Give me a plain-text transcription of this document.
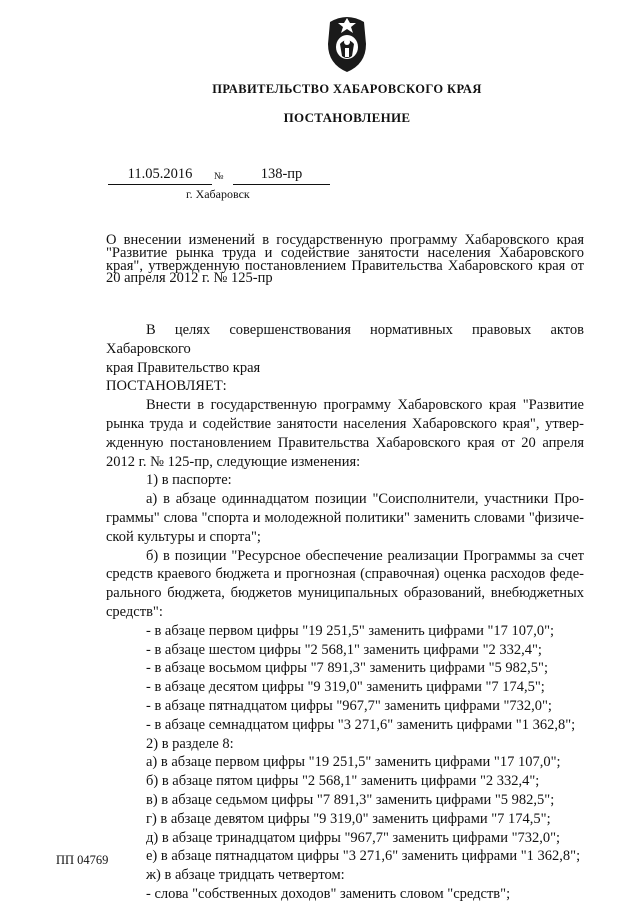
ПРАВИТЕЛЬСТВО ХАБАРОВСКОГО КРАЯ
ПОСТАНОВЛЕНИЕ
11.05.2016	№	138-пр
г. Хабаровск
О внесении изменений в государственную программу Хабаровского края "Развитие рынка труда и содействие занятости населения Хабаровского края", утвержденную постановлением Правительства Хабаровского края от 20 апреля 2012 г. № 125-пр

В целях совершенствования нормативных правовых актов Хабаровского

края Правительство края

ПОСТАНОВЛЯЕТ:

Внести в государственную программу Хабаровского края "Развитие рынка труда и содействие занятости населения Хабаровского края", утвержденную постановлением Правительства Хабаровского края от 20 апреля 2012 г. № 125-пр, следующие изменения:

1) в паспорте:

а) в абзаце одиннадцатом позиции "Соисполнители, участники Программы" слова "спорта и молодежной политики" заменить словами "физической культуры и спорта";

б) в позиции "Ресурсное обеспечение реализации Программы за счет средств краевого бюджета и прогнозная (справочная) оценка расходов федерального бюджета, бюджетов муниципальных образований, внебюджетных средств":

- в абзаце первом цифры "19 251,5" заменить цифрами "17 107,0";

- в абзаце шестом цифры "2 568,1" заменить цифрами "2 332,4";

- в абзаце восьмом цифры "7 891,3" заменить цифрами "5 982,5";

- в абзаце десятом цифры "9 319,0" заменить цифрами "7 174,5";

- в абзаце пятнадцатом цифры "967,7" заменить цифрами "732,0";

- в абзаце семнадцатом цифры "3 271,6" заменить цифрами "1 362,8";

2) в разделе 8:

а) в абзаце первом цифры "19 251,5" заменить цифрами "17 107,0";

б) в абзаце пятом цифры "2 568,1" заменить цифрами "2 332,4";

в) в абзаце седьмом цифры "7 891,3" заменить цифрами "5 982,5";

г) в абзаце девятом цифры "9 319,0" заменить цифрами "7 174,5";

д) в абзаце тринадцатом цифры "967,7" заменить цифрами "732,0";

е) в абзаце пятнадцатом цифры "3 271,6" заменить цифрами "1 362,8";

ж) в абзаце тридцать четвертом:

- слова "собственных доходов" заменить словом "средств";

ПП 04769
